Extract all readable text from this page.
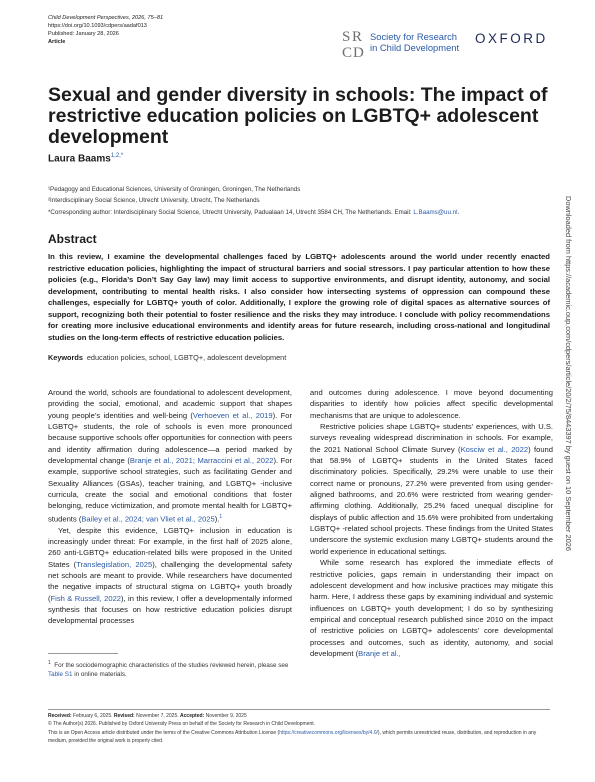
Child Development Perspectives, 2026, 75–81
https://doi.org/10.1093/cdpers/aadaf013
Published: January 28, 2026
Article	S R
C D
Society for Research
in Child Development
OXFORD
Sexual and gender diversity in schools: The impact of restrictive education policies on LGBTQ+ adolescent development
Laura Baams$^{1,2,*}$
¹Pedagogy and Educational Sciences, University of Groningen, Groningen, The Netherlands
²Interdisciplinary Social Science, Utrecht University, Utrecht, The Netherlands
*Corresponding author: Interdisciplinary Social Science, Utrecht University, Padualaan 14, Utrecht 3584 CH, The Netherlands. Email: L.Baams@uu.nl.	Downloaded from https://academic.oup.com/cdpers/article/20/2/75/8443397 by guest on 10 September 2026
Abstract
In this review, I examine the developmental challenges faced by LGBTQ+ adolescents around the world under recently enacted restrictive education policies, highlighting the impact of structural barriers and social stressors. I pay particular attention to how these policies (e.g., Florida’s Don’t Say Gay law) may limit access to supportive environments, and disrupt identity, autonomy, and social development, contributing to mental health risks. I also consider how intersecting systems of oppression can compound these challenges, especially for LGBTQ+ youth of color. Additionally, I explore the growing role of digital spaces as alternative sources of support, recognizing both their potential to foster resilience and the risks they may introduce. I conclude with policy recommendations for creating more inclusive educational environments and identify areas for future research, including cross-national and longitudinal studies on the long-term effects of restrictive education policies.
Keywords education policies, school, LGBTQ+, adolescent development

Around the world, schools are foundational to adolescent development, providing the social, emotional, and academic support that shapes young people’s identities and well-being (Verhoeven et al., 2019). For LGBTQ+ students, the role of schools is even more pronounced because supportive schools offer opportunities for connection with peers and identity affirmation during adolescence—a period marked by developmental change (Branje et al., 2021; Marraccini et al., 2022). For example, supportive school strategies, such as facilitating Gender and Sexuality Alliances (GSAs), teacher training, and LGBTQ+ -inclusive curricula, create the social and emotional conditions that foster belonging, reduce victimization, and promote mental health for LGBTQ+ students (Bailey et al., 2024; van Vliet et al., 2025).$^1$

Yet, despite this evidence, LGBTQ+ inclusion in education is increasingly under threat: For example, in the first half of 2025 alone, 260 anti-LGBTQ+ education-related bills were proposed in the United States (Translegislation, 2025), challenging the developmental safety net schools are meant to provide. While researchers have documented the negative impacts of structural stigma on LGBTQ+ youth broadly (Fish & Russell, 2022), in this review, I offer a developmentally informed synthesis that focuses on how restrictive education policies disrupt developmental processes

and outcomes during adolescence. I move beyond documenting disparities to identify how policies affect specific developmental mechanisms that are unique to adolescence.

Restrictive policies shape LGBTQ+ students’ experiences, with U.S. surveys revealing widespread discrimination in schools. For example, the 2021 National School Climate Survey (Kosciw et al., 2022) found that 58.9% of LGBTQ+ students in the United States faced discriminatory policies. Specifically, 29.2% were unable to use their correct name or pronouns, 27.2% were prevented from using gender-aligned bathrooms, and 20.6% were restricted from wearing gender-affirming clothing. Additionally, 25.2% faced unequal discipline for displays of public affection and 15.6% were prohibited from undertaking LGBTQ+ -related school projects. These findings from the United States underscore the systemic exclusion many LGBTQ+ students around the world experience in educational settings.

While some research has explored the immediate effects of restrictive policies, gaps remain in understanding their impact on adolescent development and how inclusive practices may mitigate this harm. Here, I address these gaps by examining individual and systemic influences on LGBTQ+ youth development; I do so by synthesizing empirical and conceptual research published since 2010 on the impact of restrictive policies on LGBTQ+ adolescents’ core developmental processes and outcomes, such as identity, autonomy, and social development (Branje et al.,

$^1$ For the sociodemographic characteristics of the studies reviewed herein, please see Table S1 in online materials.
Received: February 6, 2025. Revised: November 7, 2025. Accepted: November 9, 2025
© The Author(s) 2026. Published by Oxford University Press on behalf of the Society for Research in Child Development.
This is an Open Access article distributed under the terms of the Creative Commons Attribution License (https://creativecommons.org/licenses/by/4.0/), which permits unrestricted reuse, distribution, and reproduction in any medium, provided the original work is properly cited.
